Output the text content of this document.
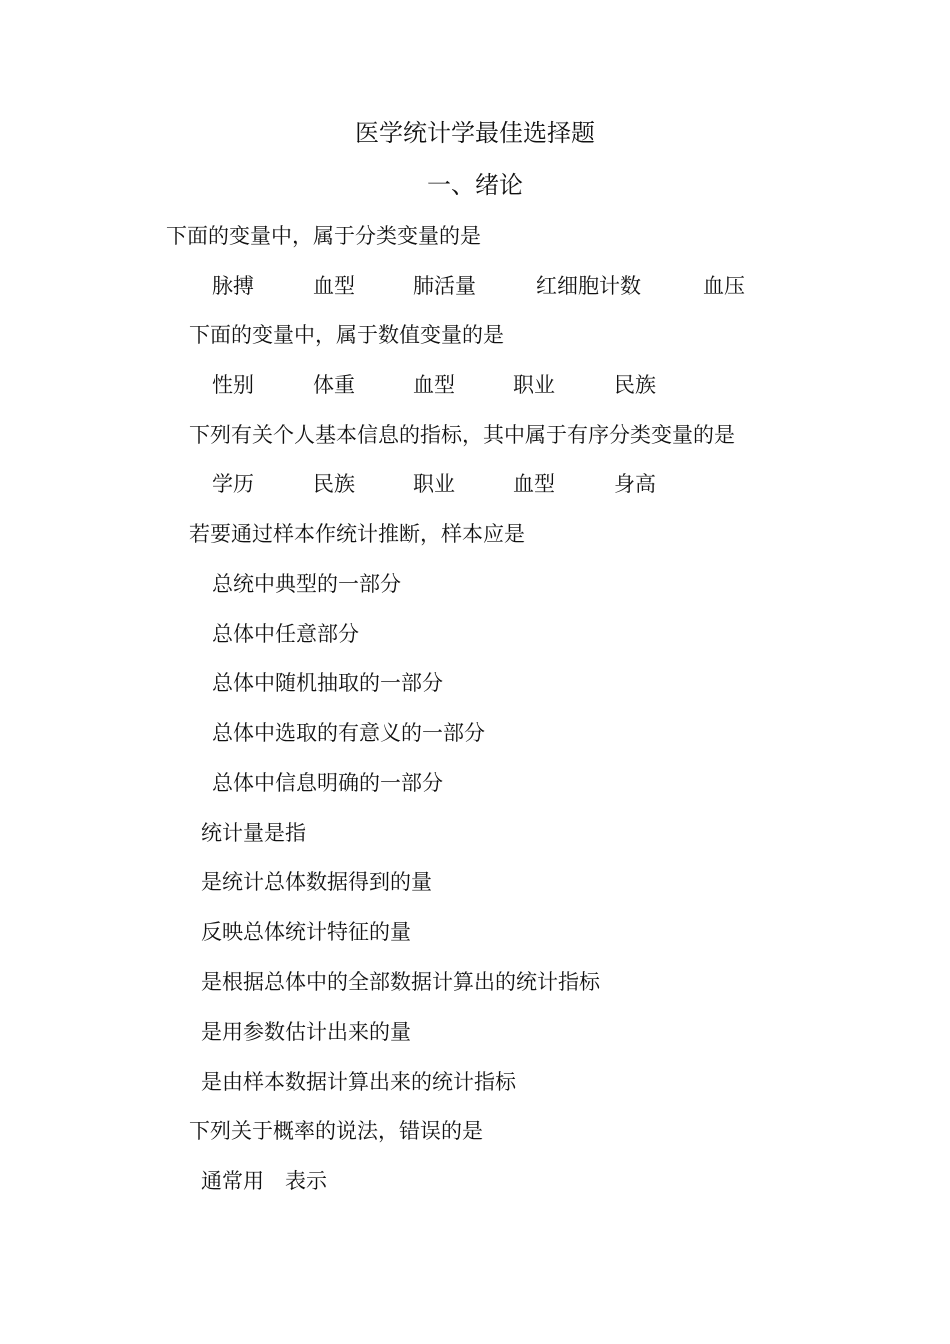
医学统计学最佳选择题
一、绪论
下面的变量中，属于分类变量的是
脉搏	血型	肺活量	红细胞计数	血压
下面的变量中，属于数值变量的是
性别	体重	血型	职业	民族
下列有关个人基本信息的指标，其中属于有序分类变量的是
学历	民族	职业	血型	身高
若要通过样本作统计推断，样本应是
总统中典型的一部分
总体中任意部分
总体中随机抽取的一部分
总体中选取的有意义的一部分
总体中信息明确的一部分
统计量是指
是统计总体数据得到的量
反映总体统计特征的量
是根据总体中的全部数据计算出的统计指标
是用参数估计出来的量
是由样本数据计算出来的统计指标
下列关于概率的说法，错误的是
通常用　表示
